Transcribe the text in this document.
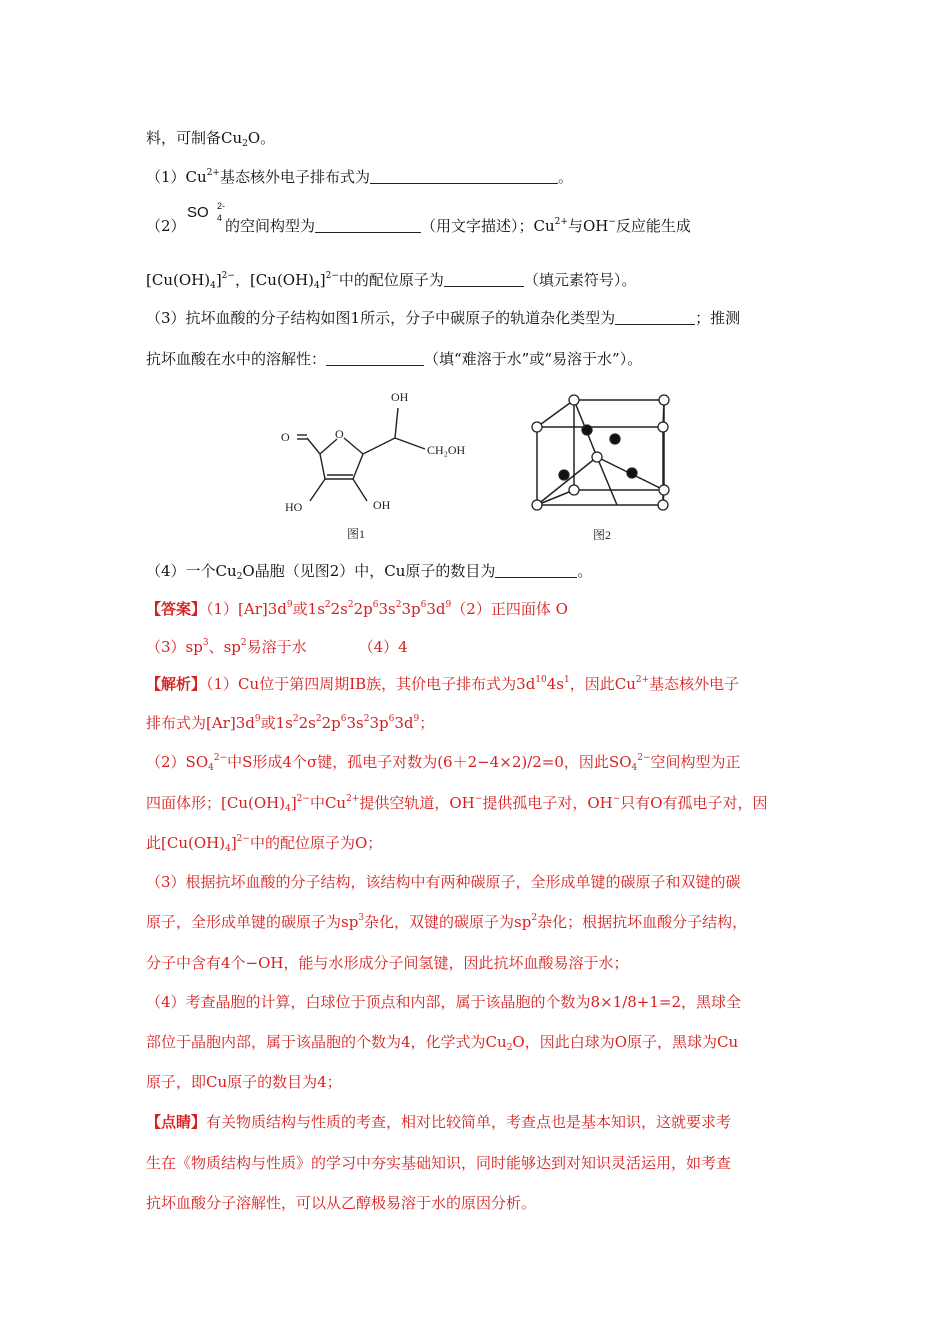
料，可制备$Cu_2O$。
$(1)Cu^{2+}$基态核外电子排布式为	。
（2）
SO 2-
4 的空间构型为	（用文字描述）；$Cu^{2+}$与OH−反应能生成
$[Cu(OH)_4]^{2-}$，$[Cu(OH)_4]^{2-}$中的配位原子为	（填元素符号）。
（3）抗坏血酸的分子结构如图1所示，分子中碳原子的轨道杂化类型为	；推测
抗坏血酸在水中的溶解性：	（填“难溶于水”或“易溶于水”）。
O	O
OH
CH₂OH
HO	OH
图1	图2
（4）一个$Cu_2O$晶胞（见图2）中，Cu原子的数目为	。
【答案】$(1)[Ar]3d^9$或$1s^22s^22p^63s^23p^63d^9(2)$正四面体 O
$(3)sp^3$、$sp^2$易溶于水	（4）4
【解析】（1）Cu位于第四周期IB族，其价电子排布式为$3d^{10}4s^1$，因此$Cu^{2+}$基态核外电子
排布式为$[Ar]3d^9$或$1s^22s^22p^63s^23p^63d^9$；
$(2)SO_4^{2-}$中S形成4个σ键，孤电子对数为(6＋2−4×2)/2=0，因此$SO_4^{2-}$空间构型为正
四面体形；$[Cu(OH)_4]^{2-}$中$Cu^{2+}$提供空轨道，OH−提供孤电子对，OH−只有O有孤电子对，因
此$[Cu(OH)_4]^{2-}$中的配位原子为O；
（3）根据抗坏血酸的分子结构，该结构中有两种碳原子，全形成单键的碳原子和双键的碳
原子，全形成单键的碳原子为$sp^3$杂化，双键的碳原子为$sp^2$杂化；根据抗坏血酸分子结构，
分子中含有4个−OH，能与水形成分子间氢键，因此抗坏血酸易溶于水；
（4）考查晶胞的计算，白球位于顶点和内部，属于该晶胞的个数为8×1/8+1=2，黑球全
部位于晶胞内部，属于该晶胞的个数为4，化学式为$Cu_2O$，因此白球为O原子，黑球为Cu
原子，即Cu原子的数目为4；
【点睛】有关物质结构与性质的考查，相对比较简单，考查点也是基本知识，这就要求考
生在《物质结构与性质》的学习中夯实基础知识，同时能够达到对知识灵活运用，如考查
抗坏血酸分子溶解性，可以从乙醇极易溶于水的原因分析。
